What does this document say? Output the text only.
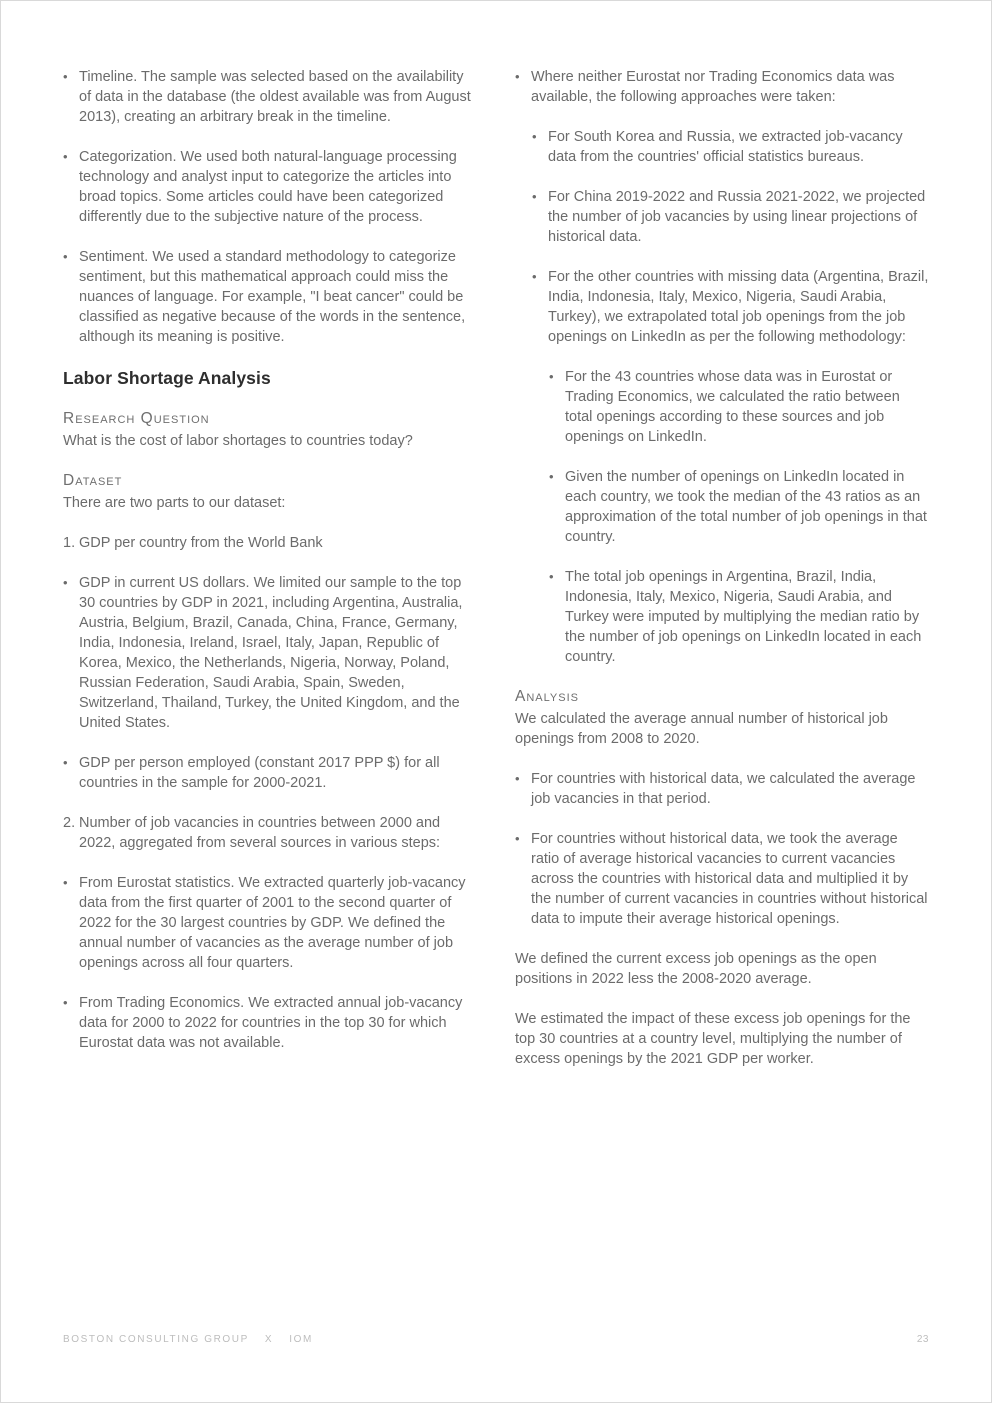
• Timeline. The sample was selected based on the availability of data in the database (the oldest available was from August 2013), creating an arbitrary break in the timeline.
• Categorization. We used both natural-language processing technology and analyst input to categorize the articles into broad topics. Some articles could have been categorized differently due to the subjective nature of the process.
• Sentiment. We used a standard methodology to categorize sentiment, but this mathematical approach could miss the nuances of language. For example, "I beat cancer" could be classified as negative because of the words in the sentence, although its meaning is positive.
Labor Shortage Analysis
Research Question

What is the cost of labor shortages to countries today?

Dataset

There are two parts to our dataset:

1. GDP per country from the World Bank
• GDP in current US dollars. We limited our sample to the top 30 countries by GDP in 2021, including Argentina, Australia, Austria, Belgium, Brazil, Canada, China, France, Germany, India, Indonesia, Ireland, Israel, Italy, Japan, Republic of Korea, Mexico, the Netherlands, Nigeria, Norway, Poland, Russian Federation, Saudi Arabia, Spain, Sweden, Switzerland, Thailand, Turkey, the United Kingdom, and the United States.
• GDP per person employed (constant 2017 PPP $) for all countries in the sample for 2000-2021.
2. Number of job vacancies in countries between 2000 and 2022, aggregated from several sources in various steps:
• From Eurostat statistics. We extracted quarterly job-vacancy data from the first quarter of 2001 to the second quarter of 2022 for the 30 largest countries by GDP. We defined the annual number of vacancies as the average number of job openings across all four quarters.
• From Trading Economics. We extracted annual job-vacancy data for 2000 to 2022 for countries in the top 30 for which Eurostat data was not available.
• Where neither Eurostat nor Trading Economics data was available, the following approaches were taken:
• For South Korea and Russia, we extracted job-vacancy data from the countries' official statistics bureaus.
• For China 2019-2022 and Russia 2021-2022, we projected the number of job vacancies by using linear projections of historical data.
• For the other countries with missing data (Argentina, Brazil, India, Indonesia, Italy, Mexico, Nigeria, Saudi Arabia, Turkey), we extrapolated total job openings from the job openings on LinkedIn as per the following methodology:
• For the 43 countries whose data was in Eurostat or Trading Economics, we calculated the ratio between total openings according to these sources and job openings on LinkedIn.
• Given the number of openings on LinkedIn located in each country, we took the median of the 43 ratios as an approximation of the total number of job openings in that country.
• The total job openings in Argentina, Brazil, India, Indonesia, Italy, Mexico, Nigeria, Saudi Arabia, and Turkey were imputed by multiplying the median ratio by the number of job openings on LinkedIn located in each country.
Analysis

We calculated the average annual number of historical job openings from 2008 to 2020.

• For countries with historical data, we calculated the average job vacancies in that period.
• For countries without historical data, we took the average ratio of average historical vacancies to current vacancies across the countries with historical data and multiplied it by the number of current vacancies in countries without historical data to impute their average historical openings.

We defined the current excess job openings as the open positions in 2022 less the 2008-2020 average.

We estimated the impact of these excess job openings for the top 30 countries at a country level, multiplying the number of excess openings by the 2021 GDP per worker.

BOSTON CONSULTING GROUP X IOM	23
